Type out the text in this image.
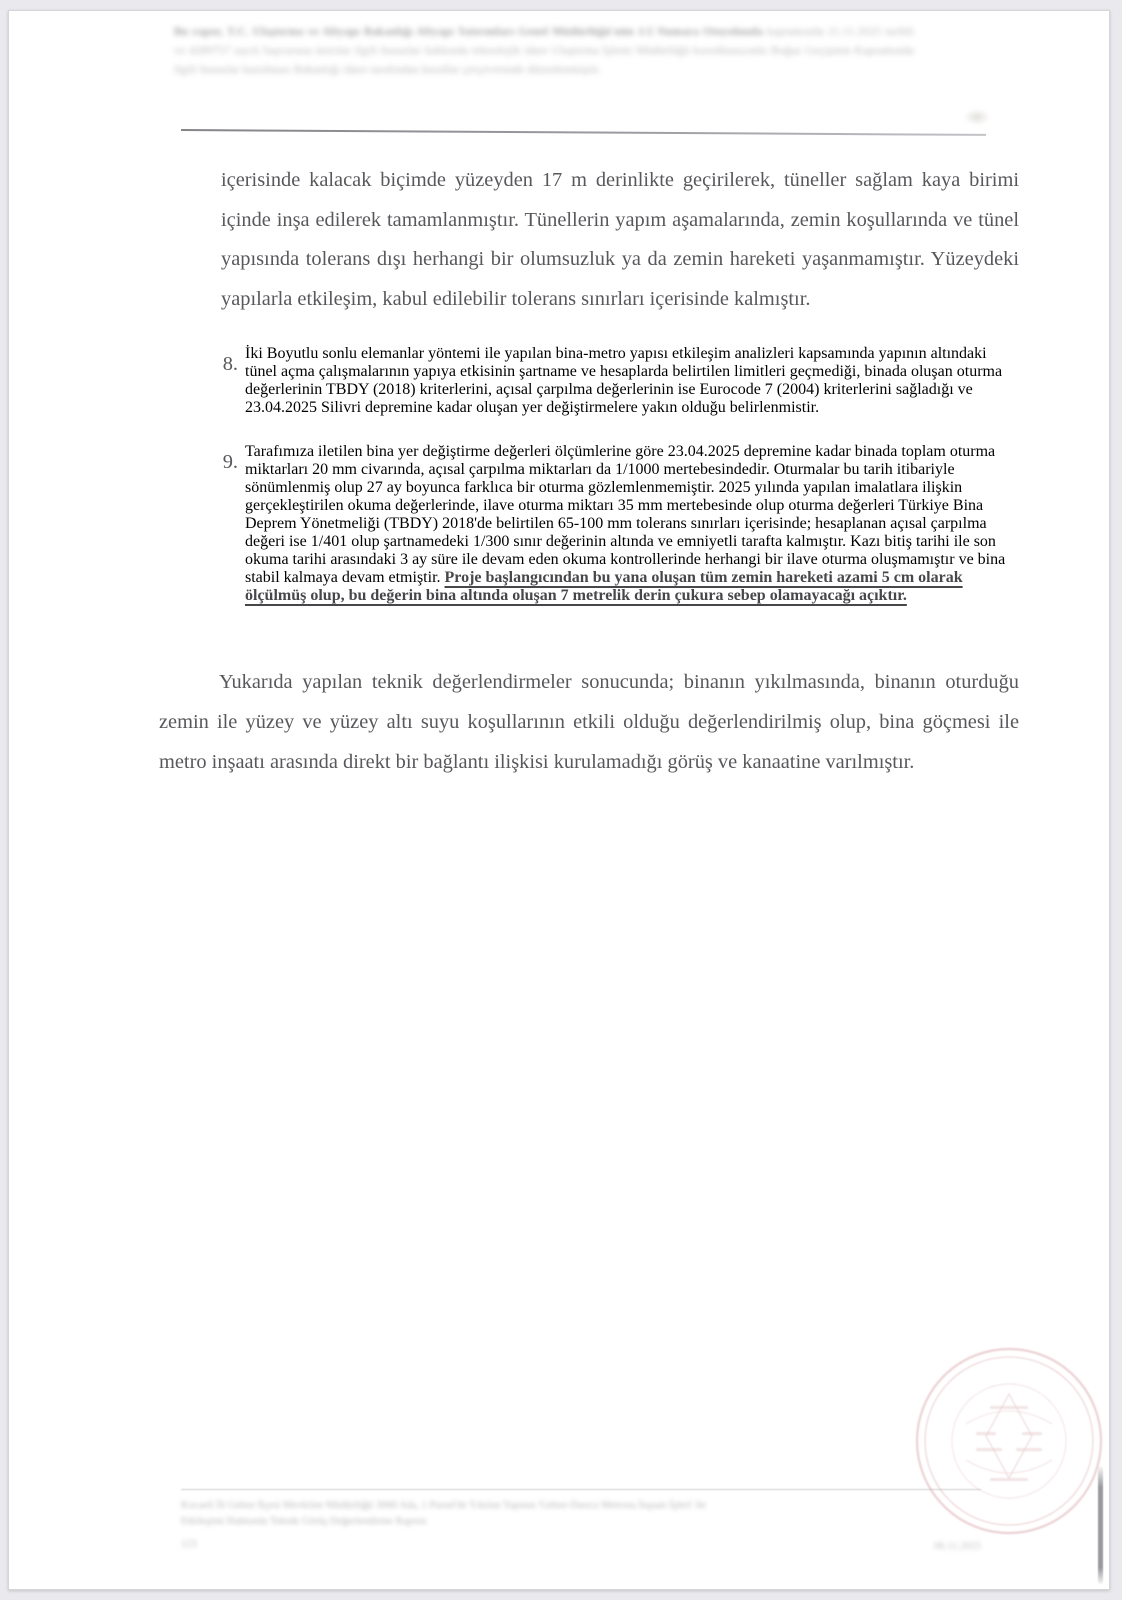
Bu rapor, T.C. Ulaştırma ve Altyapı Bakanlığı Altyapı Yatırımları Genel Müdürlüğü'nün 1/2 Numara Otoyolunda kapsamında 21.11.2025 tarihli ve 4289757 sayılı başvurusu üzerine ilgili hususlar hakkında teknolojik idare Ulaştırma İşlemi Müdürlüğü koordinasyonlu Boğaz Geçişinin Kapsamında ilgili hususlar kurulması Bakanlığı idare tarafından kurallar çerçevesinde düzenlenmiştir.

içerisinde kalacak biçimde yüzeyden 17 m derinlikte geçirilerek, tüneller sağlam kaya birimi içinde inşa edilerek tamamlanmıştır. Tünellerin yapım aşamalarında, zemin koşullarında ve tünel yapısında tolerans dışı herhangi bir olumsuzluk ya da zemin hareketi yaşanmamıştır. Yüzeydeki yapılarla etkileşim, kabul edilebilir tolerans sınırları içerisinde kalmıştır.

8. İki Boyutlu sonlu elemanlar yöntemi ile yapılan bina-metro yapısı etkileşim analizleri kapsamında yapının altındaki tünel açma çalışmalarının yapıya etkisinin şartname ve hesaplarda belirtilen limitleri geçmediği, binada oluşan oturma değerlerinin TBDY (2018) kriterlerini, açısal çarpılma değerlerinin ise Eurocode 7 (2004) kriterlerini sağladığı ve 23.04.2025 Silivri depremine kadar oluşan yer değiştirmelere yakın olduğu belirlenmistir.
9. Tarafımıza iletilen bina yer değiştirme değerleri ölçümlerine göre 23.04.2025 depremine kadar binada toplam oturma miktarları 20 mm civarında, açısal çarpılma miktarları da 1/1000 mertebesindedir. Oturmalar bu tarih itibariyle sönümlenmiş olup 27 ay boyunca farklıca bir oturma gözlemlenmemiştir. 2025 yılında yapılan imalatlara ilişkin gerçekleştirilen okuma değerlerinde, ilave oturma miktarı 35 mm mertebesinde olup oturma değerleri Türkiye Bina Deprem Yönetmeliği (TBDY) 2018'de belirtilen 65-100 mm tolerans sınırları içerisinde; hesaplanan açısal çarpılma değeri ise 1/401 olup şartnamedeki 1/300 sınır değerinin altında ve emniyetli tarafta kalmıştır. Kazı bitiş tarihi ile son okuma tarihi arasındaki 3 ay süre ile devam eden okuma kontrollerinde herhangi bir ilave oturma oluşmamıştır ve bina stabil kalmaya devam etmiştir. Proje başlangıcından bu yana oluşan tüm zemin hareketi azami 5 cm olarak ölçülmüş olup, bu değerin bina altında oluşan 7 metrelik derin çukura sebep olamayacağı açıktır.

Yukarıda yapılan teknik değerlendirmeler sonucunda; binanın yıkılmasında, binanın oturduğu zemin ile yüzey ve yüzey altı suyu koşullarının etkili olduğu değerlendirilmiş olup, bina göçmesi ile metro inşaatı arasında direkt bir bağlantı ilişkisi kurulamadığı görüş ve kanaatine varılmıştır.

Kocaeli İli Gebze İlçesi Mevkiine Müdürlüğü 3068 Ada, 1 Parsel'de Yıkılan Yapının 'Gebze-Darıca Metrosu İnşaatı İşleri' ile
Etkileşimi Hakkında Teknik Görüş Değerlendirme Raporu
123	06.11.2025
